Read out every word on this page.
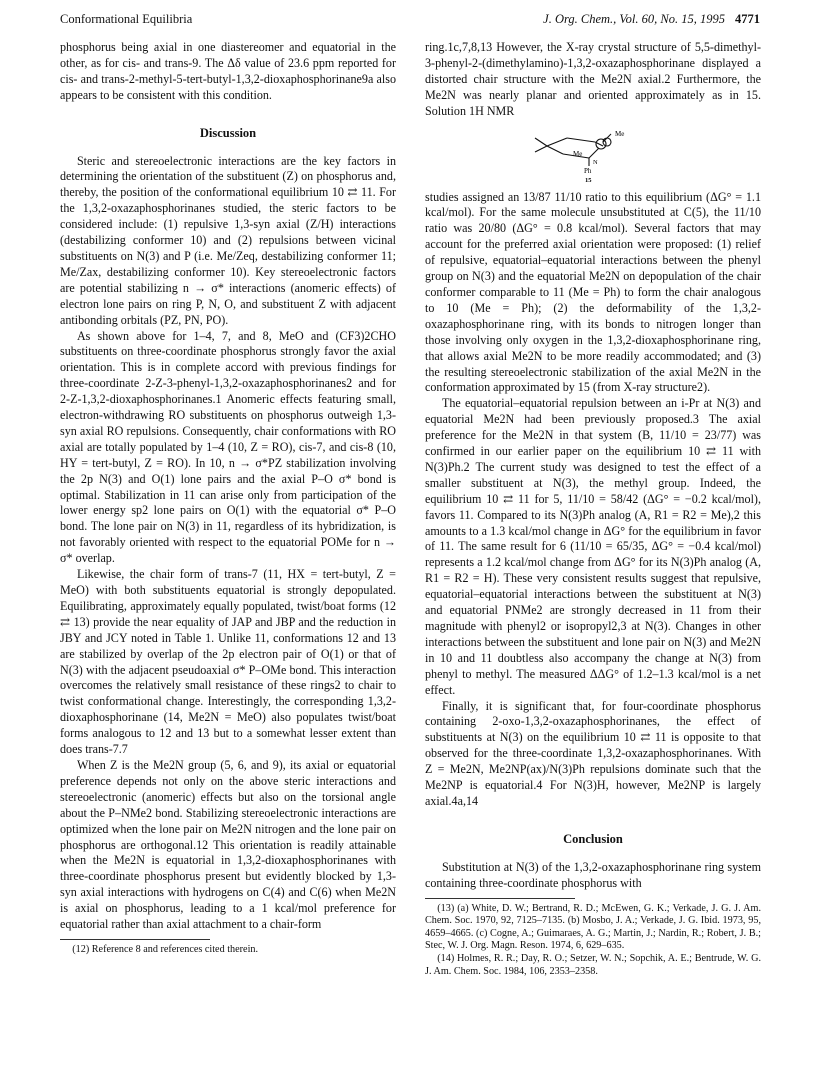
Conformational Equilibria	J. Org. Chem., Vol. 60, No. 15, 1995 4771

phosphorus being axial in one diastereomer and equatorial in the other, as for cis- and trans-9. The Δδ value of 23.6 ppm reported for cis- and trans-2-methyl-5-tert-butyl-1,3,2-dioxaphosphorinane9a also appears to be consistent with this condition.

Discussion

Steric and stereoelectronic interactions are the key factors in determining the orientation of the substituent (Z) on phosphorus and, thereby, the position of the conformational equilibrium 10 ⇄ 11. For the 1,3,2-oxazaphosphorinanes studied, the steric factors to be considered include: (1) repulsive 1,3-syn axial (Z/H) interactions (destabilizing conformer 10) and (2) repulsions between vicinal substituents on N(3) and P (i.e. Me/Zeq, destabilizing conformer 11; Me/Zax, destabilizing conformer 10). Key stereoelectronic factors are potential stabilizing n → σ* interactions (anomeric effects) of electron lone pairs on ring P, N, O, and substituent Z with adjacent antibonding orbitals (PZ, PN, PO).

As shown above for 1–4, 7, and 8, MeO and (CF3)2CHO substituents on three-coordinate phosphorus strongly favor the axial orientation. This is in complete accord with previous findings for three-coordinate 2-Z-3-phenyl-1,3,2-oxazaphosphorinanes2 and for 2-Z-1,3,2-dioxaphosphorinanes.1 Anomeric effects featuring small, electron-withdrawing RO substituents on phosphorus outweigh 1,3-syn axial RO repulsions. Consequently, chair conformations with RO axial are totally populated by 1–4 (10, Z = RO), cis-7, and cis-8 (10, HY = tert-butyl, Z = RO). In 10, n → σ*PZ stabilization involving the 2p N(3) and O(1) lone pairs and the axial P–O σ* bond is optimal. Stabilization in 11 can arise only from participation of the lower energy sp2 lone pairs on O(1) with the equatorial σ* P–O bond. The lone pair on N(3) in 11, regardless of its hybridization, is not favorably oriented with respect to the equatorial POMe for n → σ* overlap.

Likewise, the chair form of trans-7 (11, HX = tert-butyl, Z = MeO) with both substituents equatorial is strongly depopulated. Equilibrating, approximately equally populated, twist/boat forms (12 ⇄ 13) provide the near equality of JAP and JBP and the reduction in JBY and JCY noted in Table 1. Unlike 11, conformations 12 and 13 are stabilized by overlap of the 2p electron pair of O(1) or that of N(3) with the adjacent pseudoaxial σ* P–OMe bond. This interaction overcomes the relatively small resistance of these rings2 to chair to twist conformational change. Interestingly, the corresponding 1,3,2-dioxaphosphorinane (14, Me2N = MeO) also populates twist/boat forms analogous to 12 and 13 but to a somewhat lesser extent than does trans-7.7

When Z is the Me2N group (5, 6, and 9), its axial or equatorial preference depends not only on the above steric interactions and stereoelectronic (anomeric) effects but also on the torsional angle about the P–NMe2 bond. Stabilizing stereoelectronic interactions are optimized when the lone pair on Me2N nitrogen and the lone pair on phosphorus are orthogonal.12 This orientation is readily attainable when the Me2N is equatorial in 1,3,2-dioxaphosphorinanes with three-coordinate phosphorus present but evidently blocked by 1,3-syn axial interactions with hydrogens on C(4) and C(6) when Me2N is axial on phosphorus, leading to a 1 kcal/mol preference for equatorial rather than axial attachment to a chair-form

(12) Reference 8 and references cited therein.

ring.1c,7,8,13 However, the X-ray crystal structure of 5,5-dimethyl-3-phenyl-2-(dimethylamino)-1,3,2-oxazaphosphorinane displayed a distorted chair structure with the Me2N axial.2 Furthermore, the Me2N was nearly planar and oriented approximately as in 15. Solution 1H NMR

Me
Me
N
Ph
15

studies assigned an 13/87 11/10 ratio to this equilibrium (ΔG° = 1.1 kcal/mol). For the same molecule unsubstituted at C(5), the 11/10 ratio was 20/80 (ΔG° = 0.8 kcal/mol). Several factors that may account for the preferred axial orientation were proposed: (1) relief of repulsive, equatorial–equatorial interactions between the phenyl group on N(3) and the equatorial Me2N on depopulation of the chair conformer comparable to 11 (Me = Ph) to form the chair analogous to 10 (Me = Ph); (2) the deformability of the 1,3,2-oxazaphosphorinane ring, with its bonds to nitrogen longer than those involving only oxygen in the 1,3,2-dioxaphosphorinane ring, that allows axial Me2N to be more readily accommodated; and (3) the resulting stereoelectronic stabilization of the axial Me2N in the conformation approximated by 15 (from X-ray structure2).

The equatorial–equatorial repulsion between an i-Pr at N(3) and equatorial Me2N had been previously proposed.3 The axial preference for the Me2N in that system (B, 11/10 = 23/77) was confirmed in our earlier paper on the equilibrium 10 ⇄ 11 with N(3)Ph.2 The current study was designed to test the effect of a smaller substituent at N(3), the methyl group. Indeed, the equilibrium 10 ⇄ 11 for 5, 11/10 = 58/42 (ΔG° = −0.2 kcal/mol), favors 11. Compared to its N(3)Ph analog (A, R1 = R2 = Me),2 this amounts to a 1.3 kcal/mol change in ΔG° for the equilibrium in favor of 11. The same result for 6 (11/10 = 65/35, ΔG° = −0.4 kcal/mol) represents a 1.2 kcal/mol change from ΔG° for its N(3)Ph analog (A, R1 = R2 = H). These very consistent results suggest that repulsive, equatorial–equatorial interactions between the substituent at N(3) and equatorial PNMe2 are strongly decreased in 11 from their magnitude with phenyl2 or isopropyl2,3 at N(3). Changes in other interactions between the substituent and lone pair on N(3) and Me2N in 10 and 11 doubtless also accompany the change at N(3) from phenyl to methyl. The measured ΔΔG° of 1.2–1.3 kcal/mol is a net effect.

Finally, it is significant that, for four-coordinate phosphorus containing 2-oxo-1,3,2-oxazaphosphorinanes, the effect of substituents at N(3) on the equilibrium 10 ⇄ 11 is opposite to that observed for the three-coordinate 1,3,2-oxazaphosphorinanes. With Z = Me2N, Me2NP(ax)/N(3)Ph repulsions dominate such that the Me2NP is equatorial.4 For N(3)H, however, Me2NP is largely axial.4a,14

Conclusion

Substitution at N(3) of the 1,3,2-oxazaphosphorinane ring system containing three-coordinate phosphorus with

(13) (a) White, D. W.; Bertrand, R. D.; McEwen, G. K.; Verkade, J. G. J. Am. Chem. Soc. 1970, 92, 7125–7135. (b) Mosbo, J. A.; Verkade, J. G. Ibid. 1973, 95, 4659–4665. (c) Cogne, A.; Guimaraes, A. G.; Martin, J.; Nardin, R.; Robert, J. B.; Stec, W. J. Org. Magn. Reson. 1974, 6, 629–635.

(14) Holmes, R. R.; Day, R. O.; Setzer, W. N.; Sopchik, A. E.; Bentrude, W. G. J. Am. Chem. Soc. 1984, 106, 2353–2358.
